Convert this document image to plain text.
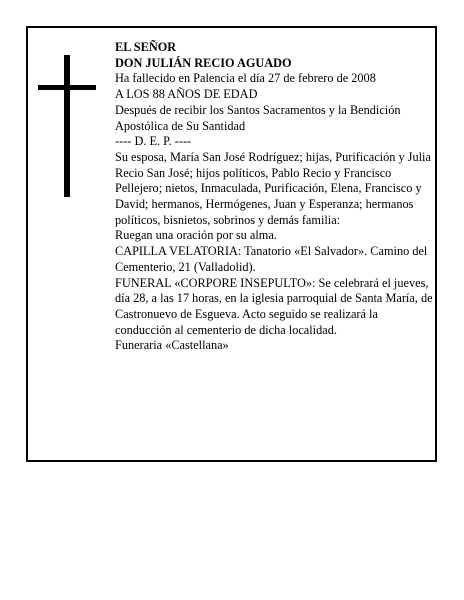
EL SEÑOR

DON JULIÁN RECIO AGUADO

Ha fallecido en Palencia el día 27 de febrero de 2008

A LOS 88 AÑOS DE EDAD

Después de recibir los Santos Sacramentos y la Bendición Apostólica de Su Santidad

---- D. E. P. ----

Su esposa, María San José Rodríguez; hijas, Purificación y Julia Recio San José; hijos políticos, Pablo Recio y Francisco Pellejero; nietos, Inmaculada, Purificación, Elena, Francisco y David; hermanos, Hermógenes, Juan y Esperanza; hermanos políticos, bisnietos, sobrinos y demás familia:

Ruegan una oración por su alma.

CAPILLA VELATORIA: Tanatorio «El Salvador». Camino del Cementerio, 21 (Valladolid).

FUNERAL «CORPORE INSEPULTO»: Se celebrará el jueves, día 28, a las 17 horas, en la iglesia parroquial de Santa María, de Castronuevo de Esgueva. Acto seguido se realizará la conducción al cementerio de dicha localidad.

Funeraria «Castellana»
